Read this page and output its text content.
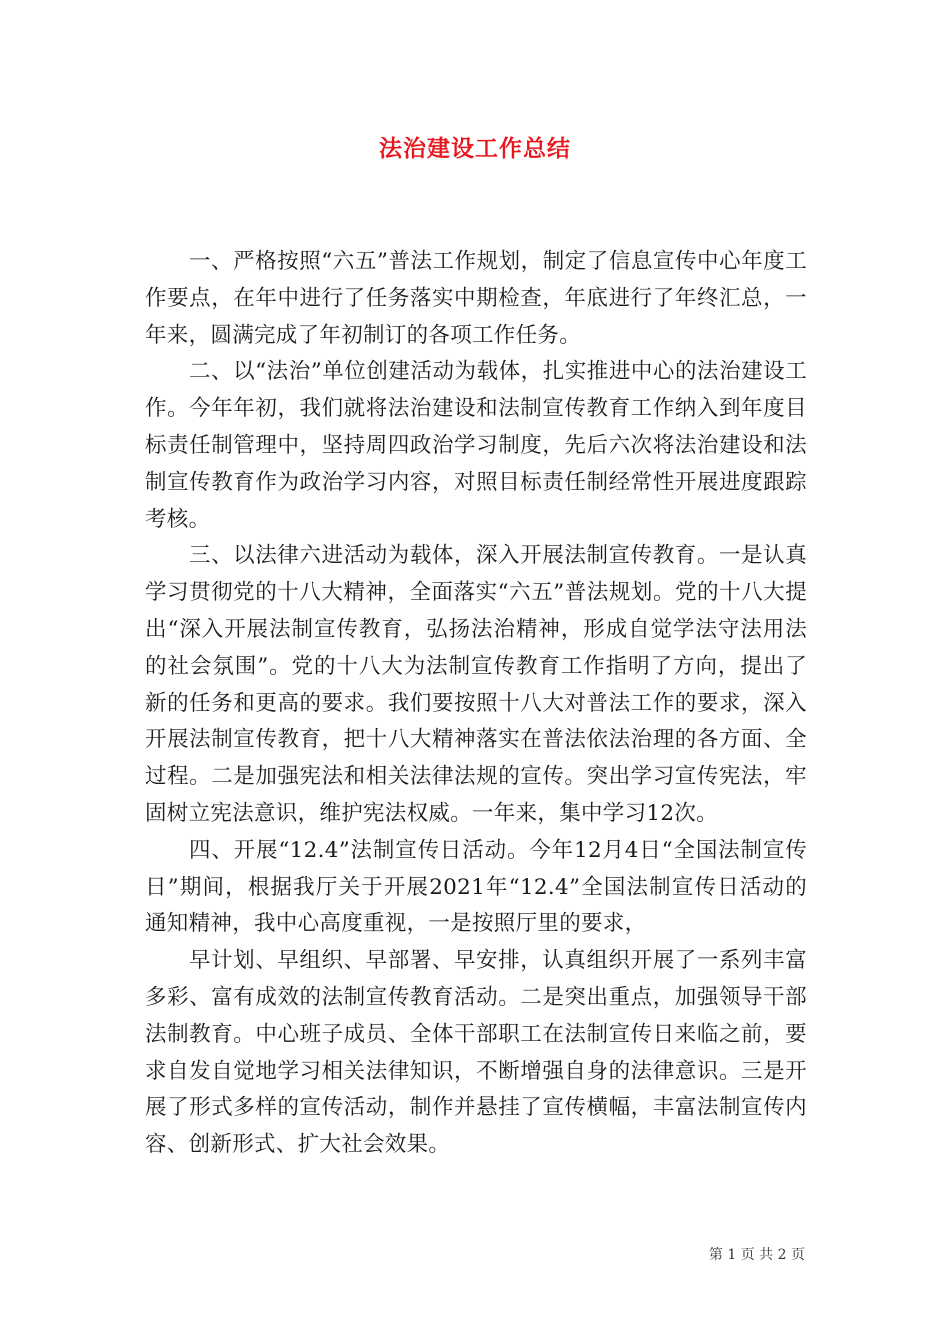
法治建设工作总结

一、严格按照“六五”普法工作规划，制定了信息宣传中心年度工作要点，在年中进行了任务落实中期检查，年底进行了年终汇总，一年来，圆满完成了年初制订的各项工作任务。

二、以“法治”单位创建活动为载体，扎实推进中心的法治建设工作。今年年初，我们就将法治建设和法制宣传教育工作纳入到年度目标责任制管理中，坚持周四政治学习制度，先后六次将法治建设和法制宣传教育作为政治学习内容，对照目标责任制经常性开展进度跟踪考核。

三、以法律六进活动为载体，深入开展法制宣传教育。一是认真学习贯彻党的十八大精神，全面落实“六五”普法规划。党的十八大提出“深入开展法制宣传教育，弘扬法治精神，形成自觉学法守法用法的社会氛围”。党的十八大为法制宣传教育工作指明了方向，提出了新的任务和更高的要求。我们要按照十八大对普法工作的要求，深入开展法制宣传教育，把十八大精神落实在普法依法治理的各方面、全过程。二是加强宪法和相关法律法规的宣传。突出学习宣传宪法，牢固树立宪法意识，维护宪法权威。一年来，集中学习12次。

四、开展“12.4”法制宣传日活动。今年12月4日“全国法制宣传日”期间，根据我厅关于开展2021年“12.4”全国法制宣传日活动的通知精神，我中心高度重视，一是按照厅里的要求，

早计划、早组织、早部署、早安排，认真组织开展了一系列丰富多彩、富有成效的法制宣传教育活动。二是突出重点，加强领导干部法制教育。中心班子成员、全体干部职工在法制宣传日来临之前，要求自发自觉地学习相关法律知识，不断增强自身的法律意识。三是开展了形式多样的宣传活动，制作并悬挂了宣传横幅，丰富法制宣传内容、创新形式、扩大社会效果。

第 1 页 共 2 页
